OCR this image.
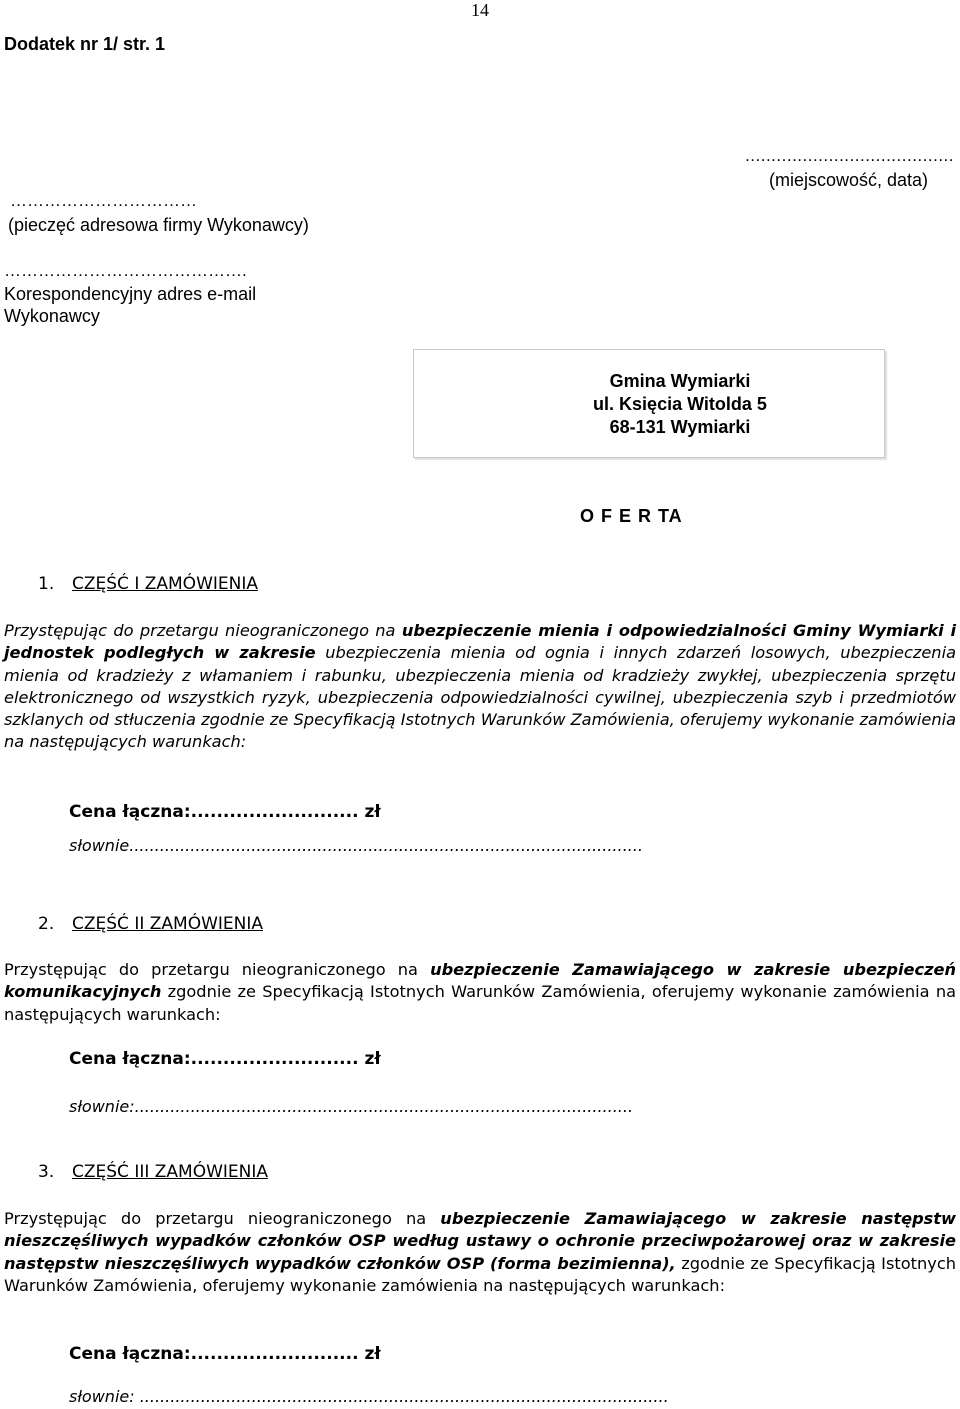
14
Dodatek nr 1/ str. 1
........................................
(miejscowość, data)
……………………………
(pieczęć adresowa firmy Wykonawcy)
…………………………………….
Korespondencyjny adres e-mail
Wykonawcy
Gmina Wymiarki
ul. Księcia Witolda 5
68-131 Wymiarki
O F E R TA
1. CZĘŚĆ I ZAMÓWIENIA
Przystępując do przetargu nieograniczonego na ubezpieczenie mienia i odpowiedzialności Gminy Wymiarki i jednostek podległych w zakresie ubezpieczenia mienia od ognia i innych zdarzeń losowych, ubezpieczenia mienia od kradzieży z włamaniem i rabunku, ubezpieczenia mienia od kradzieży zwykłej, ubezpieczenia sprzętu elektronicznego od wszystkich ryzyk, ubezpieczenia odpowiedzialności cywilnej, ubezpieczenia szyb i przedmiotów szklanych od stłuczenia zgodnie ze Specyfikacją Istotnych Warunków Zamówienia, oferujemy wykonanie zamówienia na następujących warunkach:
Cena łączna:.......................... zł
słownie.....................................................................................................
2. CZĘŚĆ II ZAMÓWIENIA
Przystępując do przetargu nieograniczonego na ubezpieczenie Zamawiającego w zakresie ubezpieczeń komunikacyjnych zgodnie ze Specyfikacją Istotnych Warunków Zamówienia, oferujemy wykonanie zamówienia na następujących warunkach:
Cena łączna:.......................... zł
słownie:..................................................................................................
3. CZĘŚĆ III ZAMÓWIENIA
Przystępując do przetargu nieograniczonego na ubezpieczenie Zamawiającego w zakresie następstw nieszczęśliwych wypadków członków OSP według ustawy o ochronie przeciwpożarowej oraz w zakresie następstw nieszczęśliwych wypadków członków OSP (forma bezimienna), zgodnie ze Specyfikacją Istotnych Warunków Zamówienia, oferujemy wykonanie zamówienia na następujących warunkach:
Cena łączna:.......................... zł
słownie: ........................................................................................................
